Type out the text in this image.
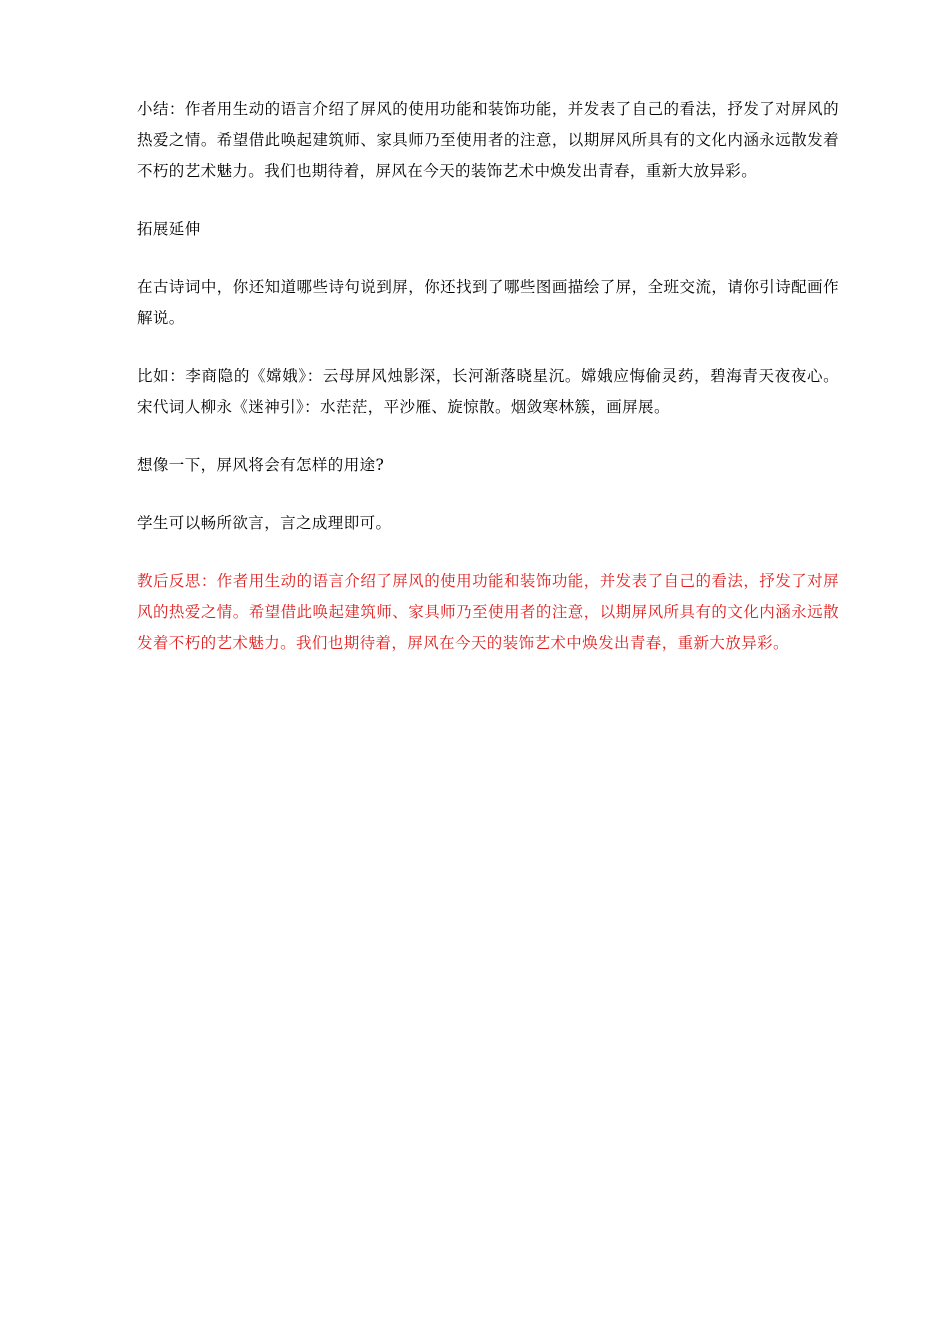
小结：作者用生动的语言介绍了屏风的使用功能和装饰功能，并发表了自己的看法，抒发了对屏风的热爱之情。希望借此唤起建筑师、家具师乃至使用者的注意，以期屏风所具有的文化内涵永远散发着不朽的艺术魅力。我们也期待着，屏风在今天的装饰艺术中焕发出青春，重新大放异彩。

拓展延伸

在古诗词中，你还知道哪些诗句说到屏，你还找到了哪些图画描绘了屏，全班交流，请你引诗配画作解说。

比如：李商隐的《嫦娥》：云母屏风烛影深，长河渐落晓星沉。嫦娥应悔偷灵药，碧海青天夜夜心。宋代词人柳永《迷神引》：水茫茫，平沙雁、旋惊散。烟敛寒林簇，画屏展。

想像一下，屏风将会有怎样的用途?

学生可以畅所欲言，言之成理即可。

教后反思：作者用生动的语言介绍了屏风的使用功能和装饰功能，并发表了自己的看法，抒发了对屏风的热爱之情。希望借此唤起建筑师、家具师乃至使用者的注意，以期屏风所具有的文化内涵永远散发着不朽的艺术魅力。我们也期待着，屏风在今天的装饰艺术中焕发出青春，重新大放异彩。
